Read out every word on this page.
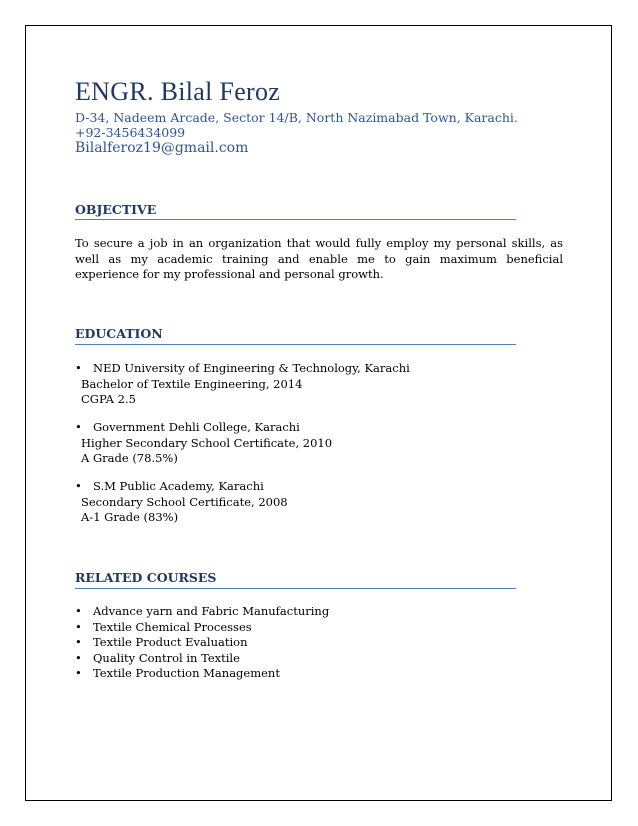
ENGR. Bilal Feroz
D-34, Nadeem Arcade, Sector 14/B, North Nazimabad Town, Karachi.
+92-3456434099
Bilalferoz19@gmail.com
OBJECTIVE
To secure a job in an organization that would fully employ my personal skills, as well as my academic training and enable me to gain maximum beneficial experience for my professional and personal growth.
EDUCATION
• NED University of Engineering & Technology, Karachi
Bachelor of Textile Engineering, 2014
CGPA 2.5
• Government Dehli College, Karachi
Higher Secondary School Certificate, 2010
A Grade (78.5%)
• S.M Public Academy, Karachi
Secondary School Certificate, 2008
A-1 Grade (83%)
RELATED COURSES
• Advance yarn and Fabric Manufacturing
• Textile Chemical Processes
• Textile Product Evaluation
• Quality Control in Textile
• Textile Production Management
